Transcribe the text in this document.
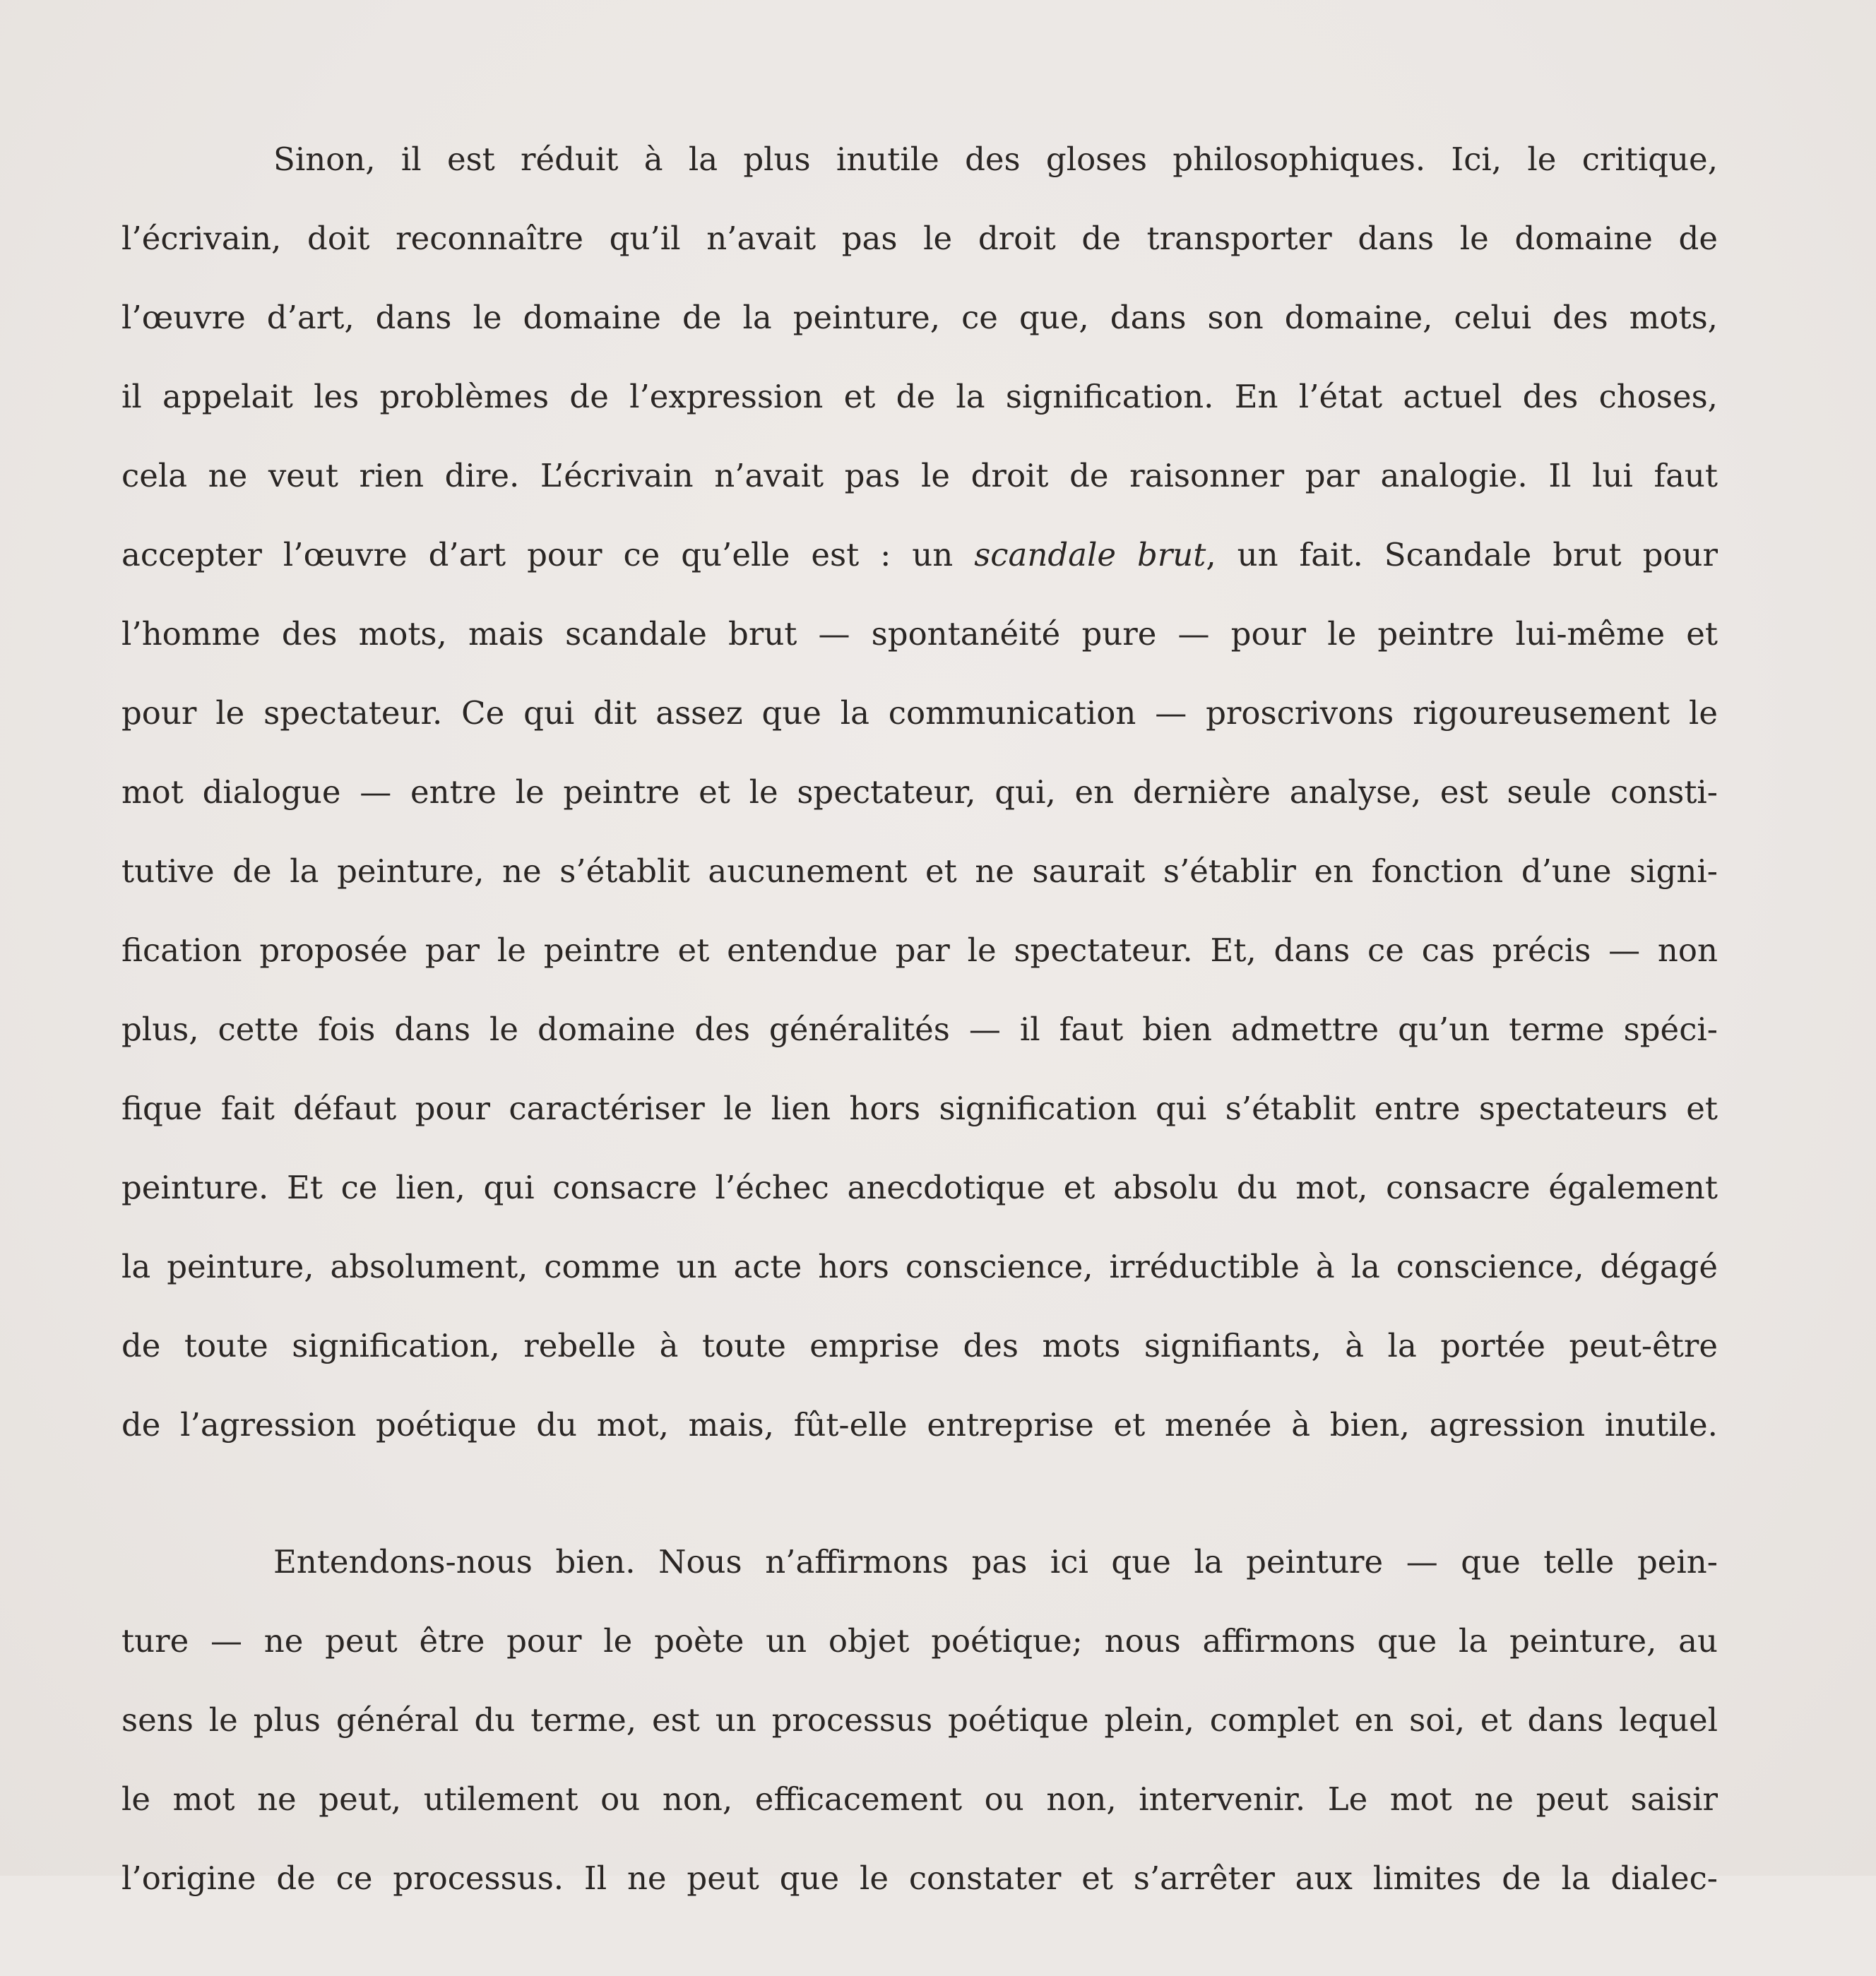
Sinon, il est réduit à la plus inutile des gloses philosophiques. Ici, le critique,
l’écrivain, doit reconnaître qu’il n’avait pas le droit de transporter dans le domaine de
l’œuvre d’art, dans le domaine de la peinture, ce que, dans son domaine, celui des mots,
il appelait les problèmes de l’expression et de la signification. En l’état actuel des choses,
cela ne veut rien dire. L’écrivain n’avait pas le droit de raisonner par analogie. Il lui faut
accepter l’œuvre d’art pour ce qu’elle est : un scandale brut, un fait. Scandale brut pour
l’homme des mots, mais scandale brut — spontanéité pure — pour le peintre lui-même et
pour le spectateur. Ce qui dit assez que la communication — proscrivons rigoureusement le
mot dialogue — entre le peintre et le spectateur, qui, en dernière analyse, est seule consti-
tutive de la peinture, ne s’établit aucunement et ne saurait s’établir en fonction d’une signi-
fication proposée par le peintre et entendue par le spectateur. Et, dans ce cas précis — non
plus, cette fois dans le domaine des généralités — il faut bien admettre qu’un terme spéci-
fique fait défaut pour caractériser le lien hors signification qui s’établit entre spectateurs et
peinture. Et ce lien, qui consacre l’échec anecdotique et absolu du mot, consacre également
la peinture, absolument, comme un acte hors conscience, irréductible à la conscience, dégagé
de toute signification, rebelle à toute emprise des mots signifiants, à la portée peut-être
de l’agression poétique du mot, mais, fût-elle entreprise et menée à bien, agression inutile.

Entendons-nous bien. Nous n’affirmons pas ici que la peinture — que telle pein-
ture — ne peut être pour le poète un objet poétique; nous affirmons que la peinture, au
sens le plus général du terme, est un processus poétique plein, complet en soi, et dans lequel
le mot ne peut, utilement ou non, efficacement ou non, intervenir. Le mot ne peut saisir
l’origine de ce processus. Il ne peut que le constater et s’arrêter aux limites de la dialec-
